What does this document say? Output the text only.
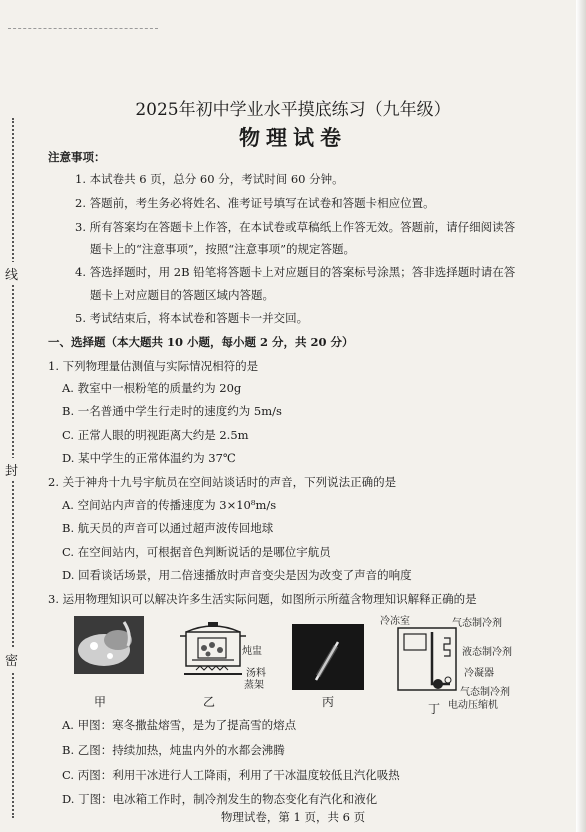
线
封
密
2025年初中学业水平摸底练习（九年级）
物理试卷
注意事项：
1. 本试卷共 6 页，总分 60 分，考试时间 60 分钟。
2. 答题前，考生务必将姓名、准考证号填写在试卷和答题卡相应位置。
3. 所有答案均在答题卡上作答，在本试卷或草稿纸上作答无效。答题前，请仔细阅读答
题卡上的“注意事项”，按照“注意事项”的规定答题。
4. 答选择题时，用 2B 铅笔将答题卡上对应题目的答案标号涂黑；答非选择题时请在答
题卡上对应题目的答题区域内答题。
5. 考试结束后，将本试卷和答题卡一并交回。
一、选择题（本大题共 10 小题，每小题 2 分，共 20 分）
1. 下列物理量估测值与实际情况相符的是
A. 教室中一根粉笔的质量约为 20g
B. 一名普通中学生行走时的速度约为 5m/s
C. 正常人眼的明视距离大约是 2.5m
D. 某中学生的正常体温约为 37℃
2. 关于神舟十九号宇航员在空间站谈话时的声音，下列说法正确的是
A. 空间站内声音的传播速度为 3×10⁸m/s
B. 航天员的声音可以通过超声波传回地球
C. 在空间站内，可根据音色判断说话的是哪位宇航员
D. 回看谈话场景，用二倍速播放时声音变尖是因为改变了声音的响度
3. 运用物理知识可以解决许多生活实际问题，如图所示所蕴含物理知识解释正确的是
炖盅
汤料
蒸架
冷冻室	气态制冷剂
液态制冷剂
冷凝器
气态制冷剂
电动压缩机
甲	乙	丙	丁
A. 甲图：寒冬撒盐熔雪，是为了提高雪的熔点
B. 乙图：持续加热，炖盅内外的水都会沸腾
C. 丙图：利用干冰进行人工降雨，利用了干冰温度较低且汽化吸热
D. 丁图：电冰箱工作时，制冷剂发生的物态变化有汽化和液化
物理试卷，第 1 页，共 6 页
